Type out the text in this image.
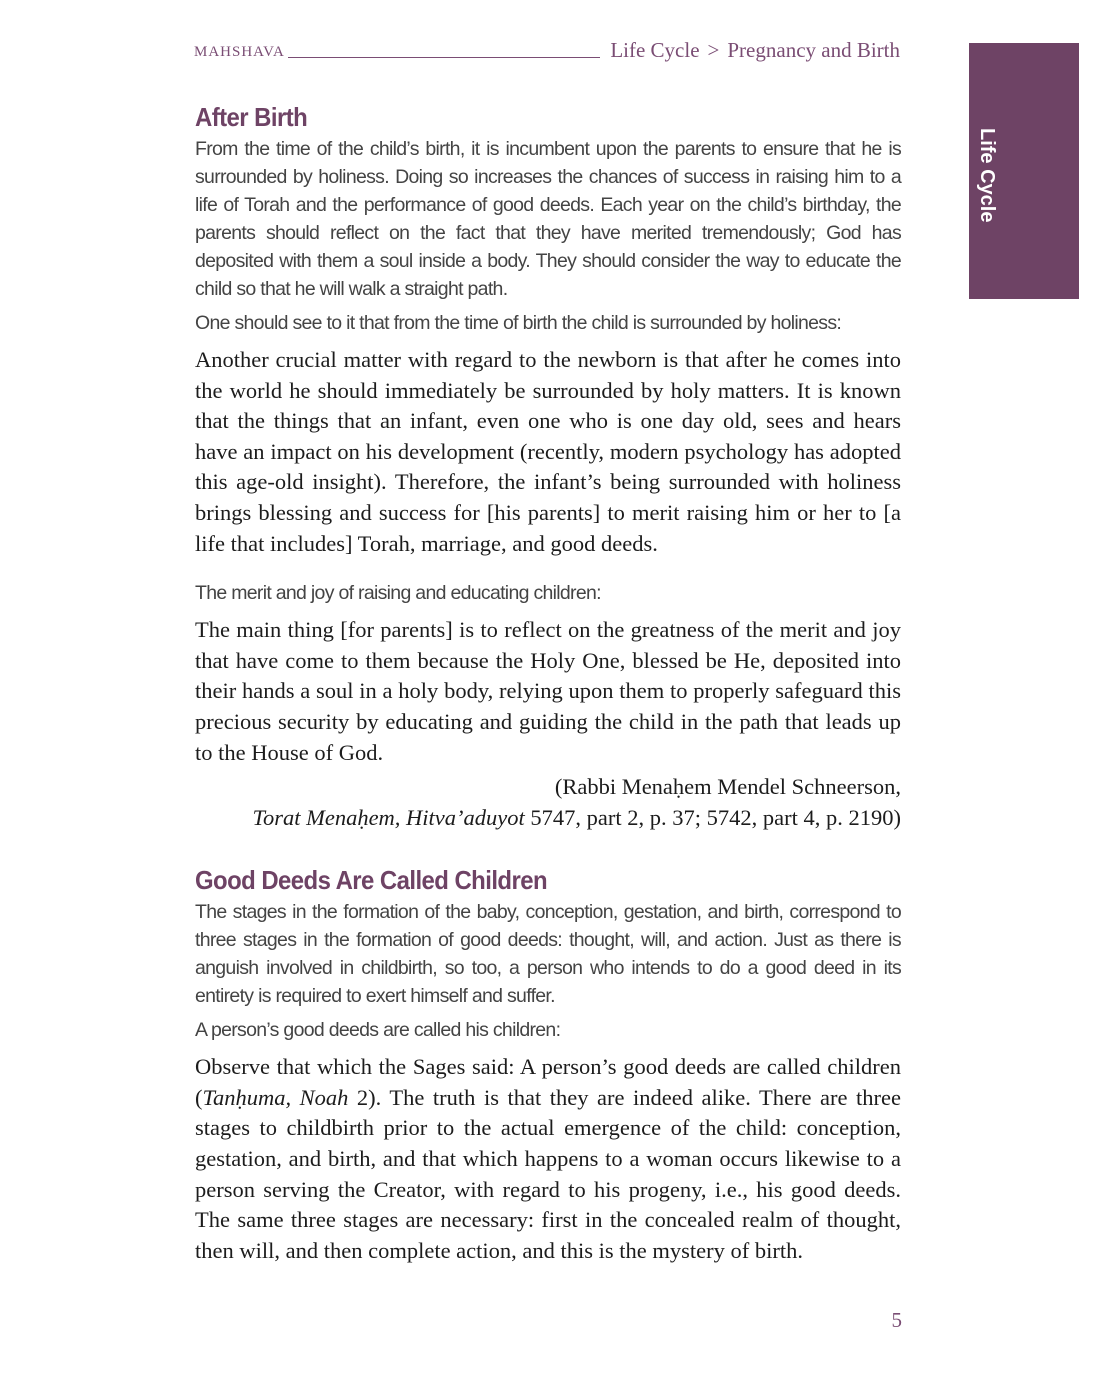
MAHSHAVA	Life Cycle > Pregnancy and Birth
Life Cycle
After Birth

From the time of the child’s birth, it is incumbent upon the parents to ensure that he is surrounded by holiness. Doing so increases the chances of success in raising him to a life of Torah and the performance of good deeds. Each year on the child’s birthday, the parents should reflect on the fact that they have merited tremendously; God has deposited with them a soul inside a body. They should consider the way to educate the child so that he will walk a straight path.

One should see to it that from the time of birth the child is surrounded by holiness:

Another crucial matter with regard to the newborn is that after he comes into the world he should immediately be surrounded by holy matters. It is known that the things that an infant, even one who is one day old, sees and hears have an impact on his development (recently, modern psychology has adopted this age-old insight). Therefore, the infant’s being surrounded with holiness brings blessing and success for [his parents] to merit raising him or her to [a life that includes] Torah, marriage, and good deeds.

The merit and joy of raising and educating children:

The main thing [for parents] is to reflect on the greatness of the merit and joy that have come to them because the Holy One, blessed be He, deposited into their hands a soul in a holy body, relying upon them to properly safeguard this precious security by educating and guiding the child in the path that leads up to the House of God.

(Rabbi Menaḥem Mendel Schneerson,

Torat Menaḥem, Hitva’aduyot 5747, part 2, p. 37; 5742, part 4, p. 2190)

Good Deeds Are Called Children

The stages in the formation of the baby, conception, gestation, and birth, correspond to three stages in the formation of good deeds: thought, will, and action. Just as there is anguish involved in childbirth, so too, a person who intends to do a good deed in its entirety is required to exert himself and suffer.

A person’s good deeds are called his children:

Observe that which the Sages said: A person’s good deeds are called children (Tanḥuma, Noah 2). The truth is that they are indeed alike. There are three stages to childbirth prior to the actual emergence of the child: conception, gestation, and birth, and that which happens to a woman occurs likewise to a person serving the Creator, with regard to his progeny, i.e., his good deeds. The same three stages are necessary: first in the concealed realm of thought, then will, and then complete action, and this is the mystery of birth.

5
